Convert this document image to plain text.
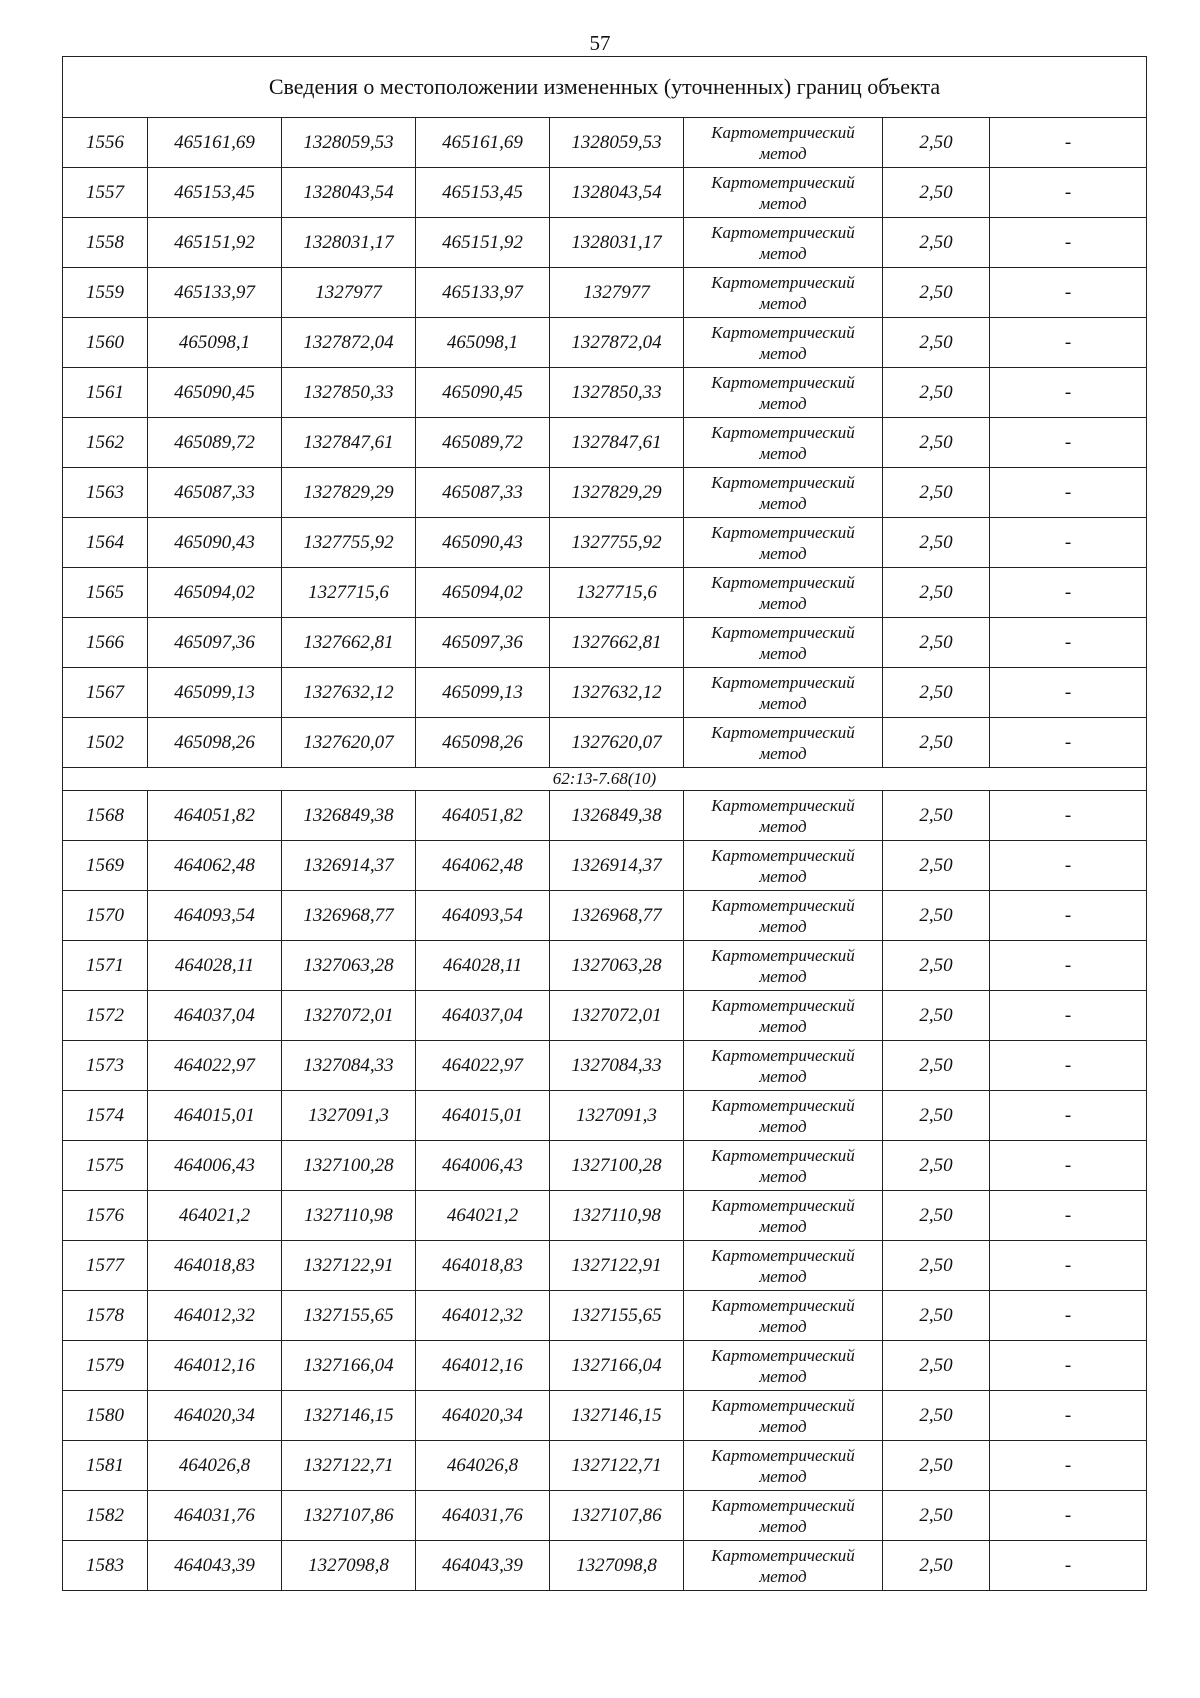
57
Сведения о местоположении измененных (уточненных) границ объекта							
1556	465161,69	1328059,53	465161,69	1328059,53	Картометрический
метод	2,50	-
1557	465153,45	1328043,54	465153,45	1328043,54	Картометрический
метод	2,50	-
1558	465151,92	1328031,17	465151,92	1328031,17	Картометрический
метод	2,50	-
1559	465133,97	1327977	465133,97	1327977	Картометрический
метод	2,50	-
1560	465098,1	1327872,04	465098,1	1327872,04	Картометрический
метод	2,50	-
1561	465090,45	1327850,33	465090,45	1327850,33	Картометрический
метод	2,50	-
1562	465089,72	1327847,61	465089,72	1327847,61	Картометрический
метод	2,50	-
1563	465087,33	1327829,29	465087,33	1327829,29	Картометрический
метод	2,50	-
1564	465090,43	1327755,92	465090,43	1327755,92	Картометрический
метод	2,50	-
1565	465094,02	1327715,6	465094,02	1327715,6	Картометрический
метод	2,50	-
1566	465097,36	1327662,81	465097,36	1327662,81	Картометрический
метод	2,50	-
1567	465099,13	1327632,12	465099,13	1327632,12	Картометрический
метод	2,50	-
1502	465098,26	1327620,07	465098,26	1327620,07	Картометрический
метод	2,50	-
62:13-7.68(10)							
1568	464051,82	1326849,38	464051,82	1326849,38	Картометрический
метод	2,50	-
1569	464062,48	1326914,37	464062,48	1326914,37	Картометрический
метод	2,50	-
1570	464093,54	1326968,77	464093,54	1326968,77	Картометрический
метод	2,50	-
1571	464028,11	1327063,28	464028,11	1327063,28	Картометрический
метод	2,50	-
1572	464037,04	1327072,01	464037,04	1327072,01	Картометрический
метод	2,50	-
1573	464022,97	1327084,33	464022,97	1327084,33	Картометрический
метод	2,50	-
1574	464015,01	1327091,3	464015,01	1327091,3	Картометрический
метод	2,50	-
1575	464006,43	1327100,28	464006,43	1327100,28	Картометрический
метод	2,50	-
1576	464021,2	1327110,98	464021,2	1327110,98	Картометрический
метод	2,50	-
1577	464018,83	1327122,91	464018,83	1327122,91	Картометрический
метод	2,50	-
1578	464012,32	1327155,65	464012,32	1327155,65	Картометрический
метод	2,50	-
1579	464012,16	1327166,04	464012,16	1327166,04	Картометрический
метод	2,50	-
1580	464020,34	1327146,15	464020,34	1327146,15	Картометрический
метод	2,50	-
1581	464026,8	1327122,71	464026,8	1327122,71	Картометрический
метод	2,50	-
1582	464031,76	1327107,86	464031,76	1327107,86	Картометрический
метод	2,50	-
1583	464043,39	1327098,8	464043,39	1327098,8	Картометрический
метод	2,50	-
